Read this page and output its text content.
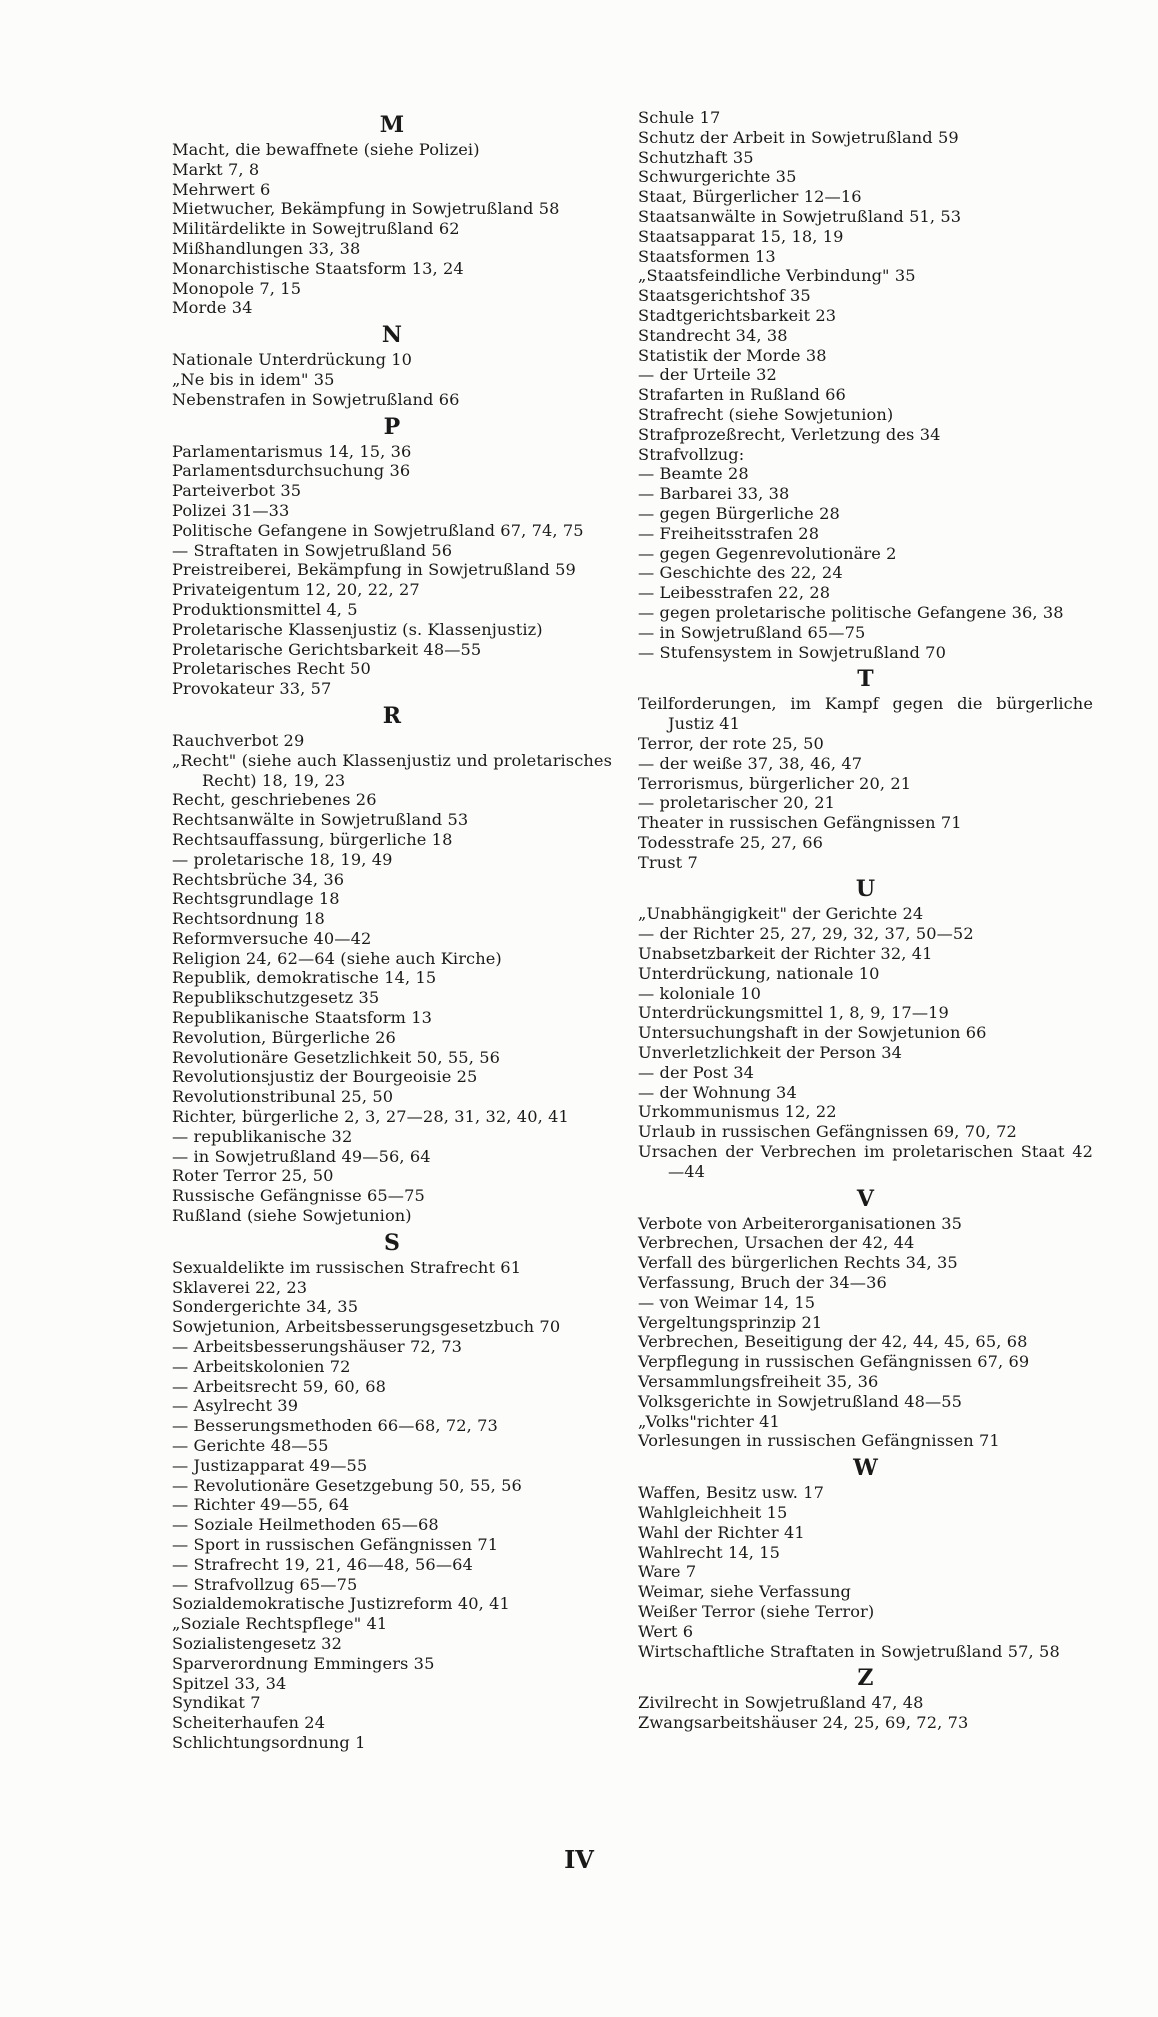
M
Macht, die bewaffnete (siehe Polizei)
Markt 7, 8
Mehrwert 6
Mietwucher, Bekämpfung in Sowjetrußland 58
Militärdelikte in Sowejtrußland 62
Mißhandlungen 33, 38
Monarchistische Staatsform 13, 24
Monopole 7, 15
Morde 34
N
Nationale Unterdrückung 10
„Ne bis in idem" 35
Nebenstrafen in Sowjetrußland 66
P
Parlamentarismus 14, 15, 36
Parlamentsdurchsuchung 36
Parteiverbot 35
Polizei 31—33
Politische Gefangene in Sowjetrußland 67, 74, 75
— Straftaten in Sowjetrußland 56
Preistreiberei, Bekämpfung in Sowjetrußland 59
Privateigentum 12, 20, 22, 27
Produktionsmittel 4, 5
Proletarische Klassenjustiz (s. Klassenjustiz)
Proletarische Gerichtsbarkeit 48—55
Proletarisches Recht 50
Provokateur 33, 57
R
Rauchverbot 29
„Recht" (siehe auch Klassenjustiz und proletarisches Recht) 18, 19, 23
Recht, geschriebenes 26
Rechtsanwälte in Sowjetrußland 53
Rechtsauffassung, bürgerliche 18
— proletarische 18, 19, 49
Rechtsbrüche 34, 36
Rechtsgrundlage 18
Rechtsordnung 18
Reformversuche 40—42
Religion 24, 62—64 (siehe auch Kirche)
Republik, demokratische 14, 15
Republikschutzgesetz 35
Republikanische Staatsform 13
Revolution, Bürgerliche 26
Revolutionäre Gesetzlichkeit 50, 55, 56
Revolutionsjustiz der Bourgeoisie 25
Revolutionstribunal 25, 50
Richter, bürgerliche 2, 3, 27—28, 31, 32, 40, 41
— republikanische 32
— in Sowjetrußland 49—56, 64
Roter Terror 25, 50
Russische Gefängnisse 65—75
Rußland (siehe Sowjetunion)
S
Sexualdelikte im russischen Strafrecht 61
Sklaverei 22, 23
Sondergerichte 34, 35
Sowjetunion, Arbeitsbesserungsgesetzbuch 70
— Arbeitsbesserungshäuser 72, 73
— Arbeitskolonien 72
— Arbeitsrecht 59, 60, 68
— Asylrecht 39
— Besserungsmethoden 66—68, 72, 73
— Gerichte 48—55
— Justizapparat 49—55
— Revolutionäre Gesetzgebung 50, 55, 56
— Richter 49—55, 64
— Soziale Heilmethoden 65—68
— Sport in russischen Gefängnissen 71
— Strafrecht 19, 21, 46—48, 56—64
— Strafvollzug 65—75
Sozialdemokratische Justizreform 40, 41
„Soziale Rechtspflege" 41
Sozialistengesetz 32
Sparverordnung Emmingers 35
Spitzel 33, 34
Syndikat 7
Scheiterhaufen 24
Schlichtungsordnung 1
Schule 17
Schutz der Arbeit in Sowjetrußland 59
Schutzhaft 35
Schwurgerichte 35
Staat, Bürgerlicher 12—16
Staatsanwälte in Sowjetrußland 51, 53
Staatsapparat 15, 18, 19
Staatsformen 13
„Staatsfeindliche Verbindung" 35
Staatsgerichtshof 35
Stadtgerichtsbarkeit 23
Standrecht 34, 38
Statistik der Morde 38
— der Urteile 32
Strafarten in Rußland 66
Strafrecht (siehe Sowjetunion)
Strafprozeßrecht, Verletzung des 34
Strafvollzug:
— Beamte 28
— Barbarei 33, 38
— gegen Bürgerliche 28
— Freiheitsstrafen 28
— gegen Gegenrevolutionäre 2
— Geschichte des 22, 24
— Leibesstrafen 22, 28
— gegen proletarische politische Gefangene 36, 38
— in Sowjetrußland 65—75
— Stufensystem in Sowjetrußland 70
T
Teilforderungen, im Kampf gegen die bürgerliche Justiz 41
Terror, der rote 25, 50
— der weiße 37, 38, 46, 47
Terrorismus, bürgerlicher 20, 21
— proletarischer 20, 21
Theater in russischen Gefängnissen 71
Todesstrafe 25, 27, 66
Trust 7
U
„Unabhängigkeit" der Gerichte 24
— der Richter 25, 27, 29, 32, 37, 50—52
Unabsetzbarkeit der Richter 32, 41
Unterdrückung, nationale 10
— koloniale 10
Unterdrückungsmittel 1, 8, 9, 17—19
Untersuchungshaft in der Sowjetunion 66
Unverletzlichkeit der Person 34
— der Post 34
— der Wohnung 34
Urkommunismus 12, 22
Urlaub in russischen Gefängnissen 69, 70, 72
Ursachen der Verbrechen im proletarischen Staat 42—44
V
Verbote von Arbeiterorganisationen 35
Verbrechen, Ursachen der 42, 44
Verfall des bürgerlichen Rechts 34, 35
Verfassung, Bruch der 34—36
— von Weimar 14, 15
Vergeltungsprinzip 21
Verbrechen, Beseitigung der 42, 44, 45, 65, 68
Verpflegung in russischen Gefängnissen 67, 69
Versammlungsfreiheit 35, 36
Volksgerichte in Sowjetrußland 48—55
„Volks"richter 41
Vorlesungen in russischen Gefängnissen 71
W
Waffen, Besitz usw. 17
Wahlgleichheit 15
Wahl der Richter 41
Wahlrecht 14, 15
Ware 7
Weimar, siehe Verfassung
Weißer Terror (siehe Terror)
Wert 6
Wirtschaftliche Straftaten in Sowjetrußland 57, 58
Z
Zivilrecht in Sowjetrußland 47, 48
Zwangsarbeitshäuser 24, 25, 69, 72, 73
IV
